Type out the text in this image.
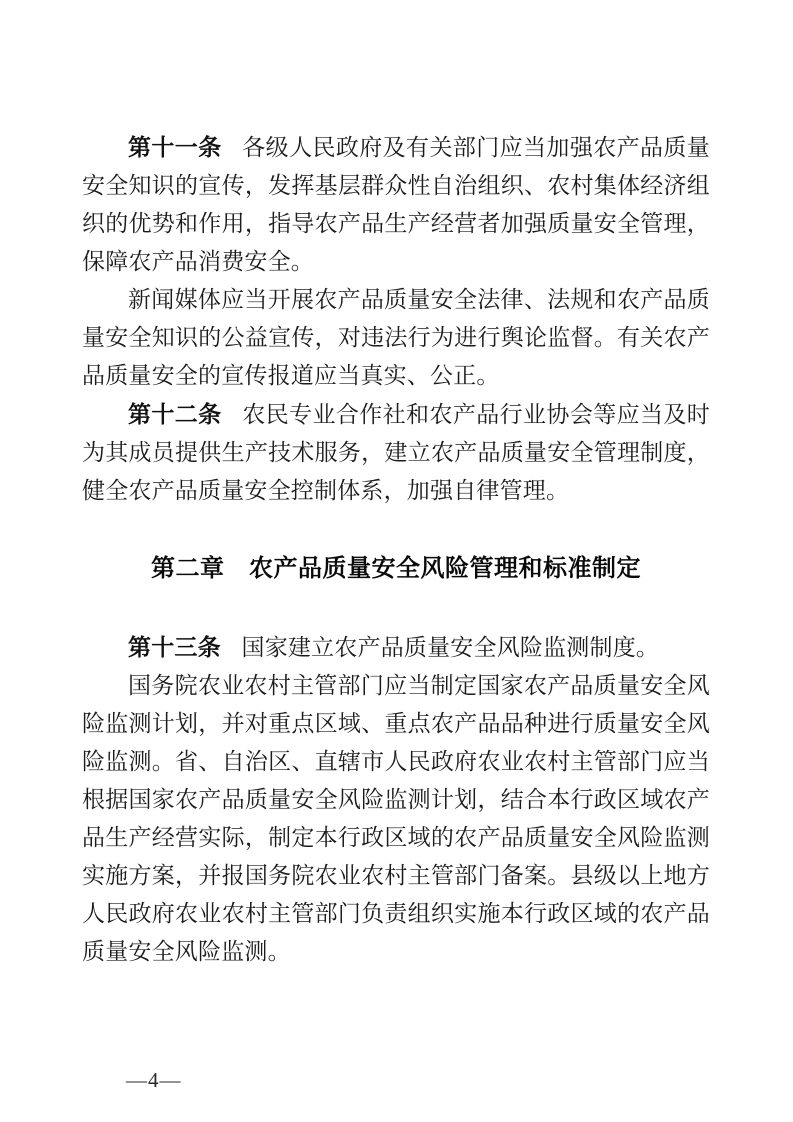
第十一条 各级人民政府及有关部门应当加强农产品质量安全知识的宣传，发挥基层群众性自治组织、农村集体经济组织的优势和作用，指导农产品生产经营者加强质量安全管理，保障农产品消费安全。

新闻媒体应当开展农产品质量安全法律、法规和农产品质量安全知识的公益宣传，对违法行为进行舆论监督。有关农产品质量安全的宣传报道应当真实、公正。

第十二条 农民专业合作社和农产品行业协会等应当及时为其成员提供生产技术服务，建立农产品质量安全管理制度，健全农产品质量安全控制体系，加强自律管理。

第二章　农产品质量安全风险管理和标准制定

第十三条 国家建立农产品质量安全风险监测制度。

国务院农业农村主管部门应当制定国家农产品质量安全风险监测计划，并对重点区域、重点农产品品种进行质量安全风险监测。省、自治区、直辖市人民政府农业农村主管部门应当根据国家农产品质量安全风险监测计划，结合本行政区域农产品生产经营实际，制定本行政区域的农产品质量安全风险监测实施方案，并报国务院农业农村主管部门备案。县级以上地方人民政府农业农村主管部门负责组织实施本行政区域的农产品质量安全风险监测。

—4—
